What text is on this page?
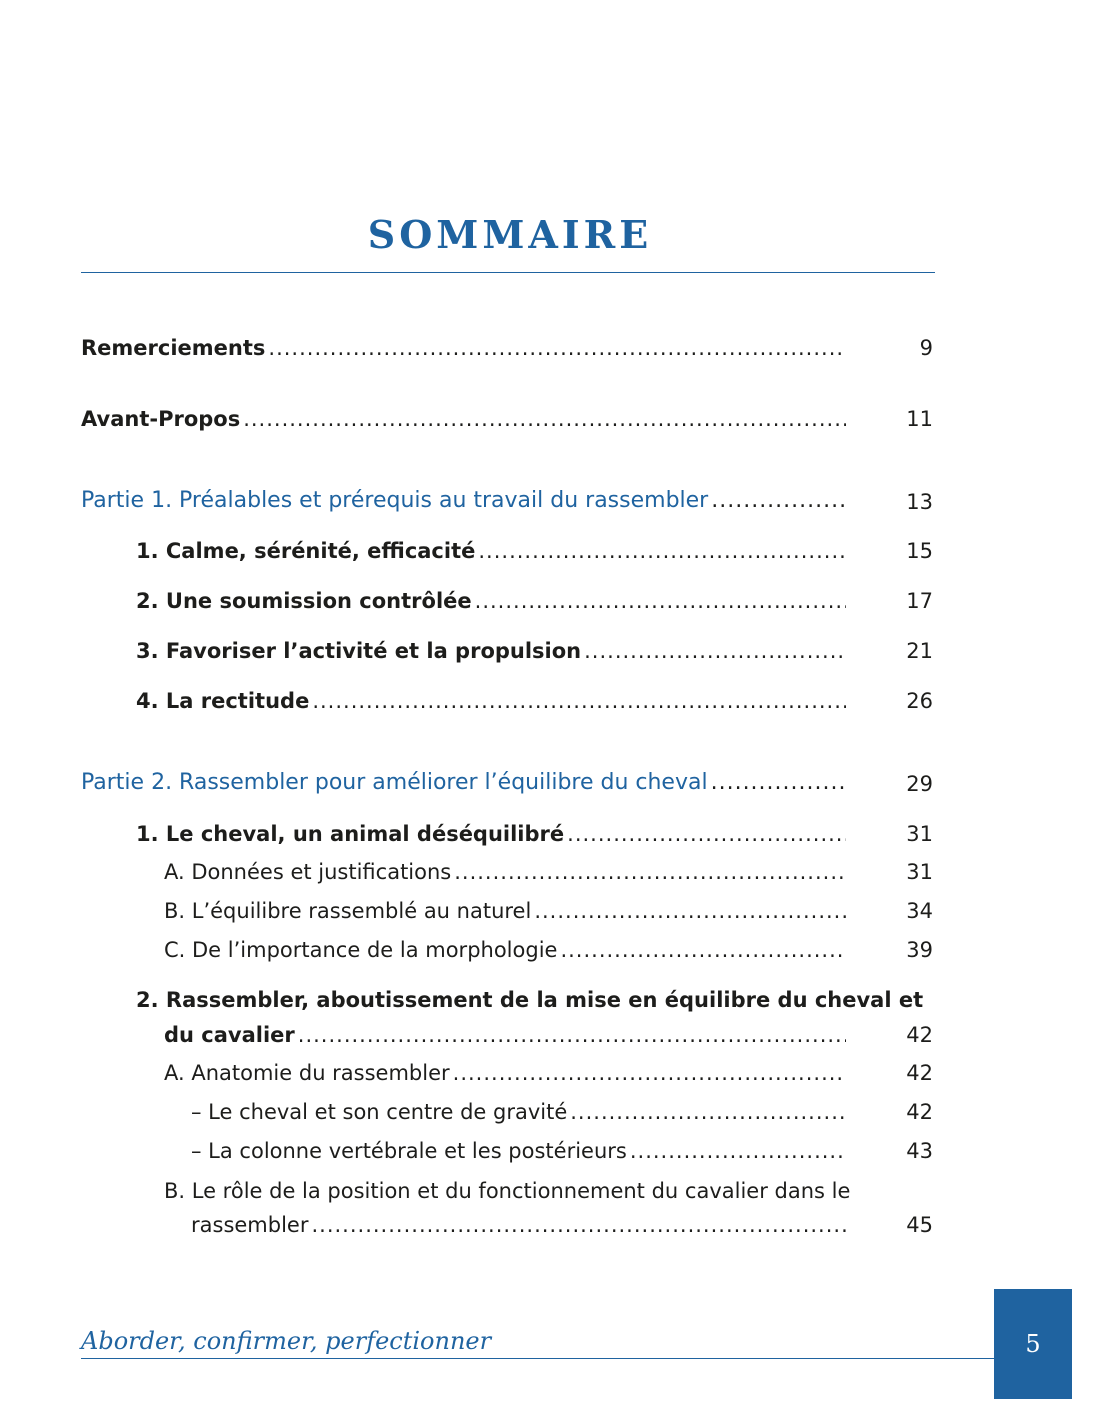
SOMMAIRE
Remerciements .....	9
Avant-Propos .....	11
Partie 1. Préalables et prérequis au travail du rassembler .....	13
1. Calme, sérénité, efficacité .....	15
2. Une soumission contrôlée .....	17
3. Favoriser l’activité et la propulsion .....	21
4. La rectitude .....	26
Partie 2. Rassembler pour améliorer l’équilibre du cheval .....	29
1. Le cheval, un animal déséquilibré .....	31
A. Données et justifications .....	31
B. L’équilibre rassemblé au naturel .....	34
C. De l’importance de la morphologie .....	39
2. Rassembler, aboutissement de la mise en équilibre du cheval et
du cavalier .....	42
A. Anatomie du rassembler .....	42
– Le cheval et son centre de gravité .....	42
– La colonne vertébrale et les postérieurs .....	43
B. Le rôle de la position et du fonctionnement du cavalier dans le
rassembler .....	45
Aborder, confirmer, perfectionner	5
